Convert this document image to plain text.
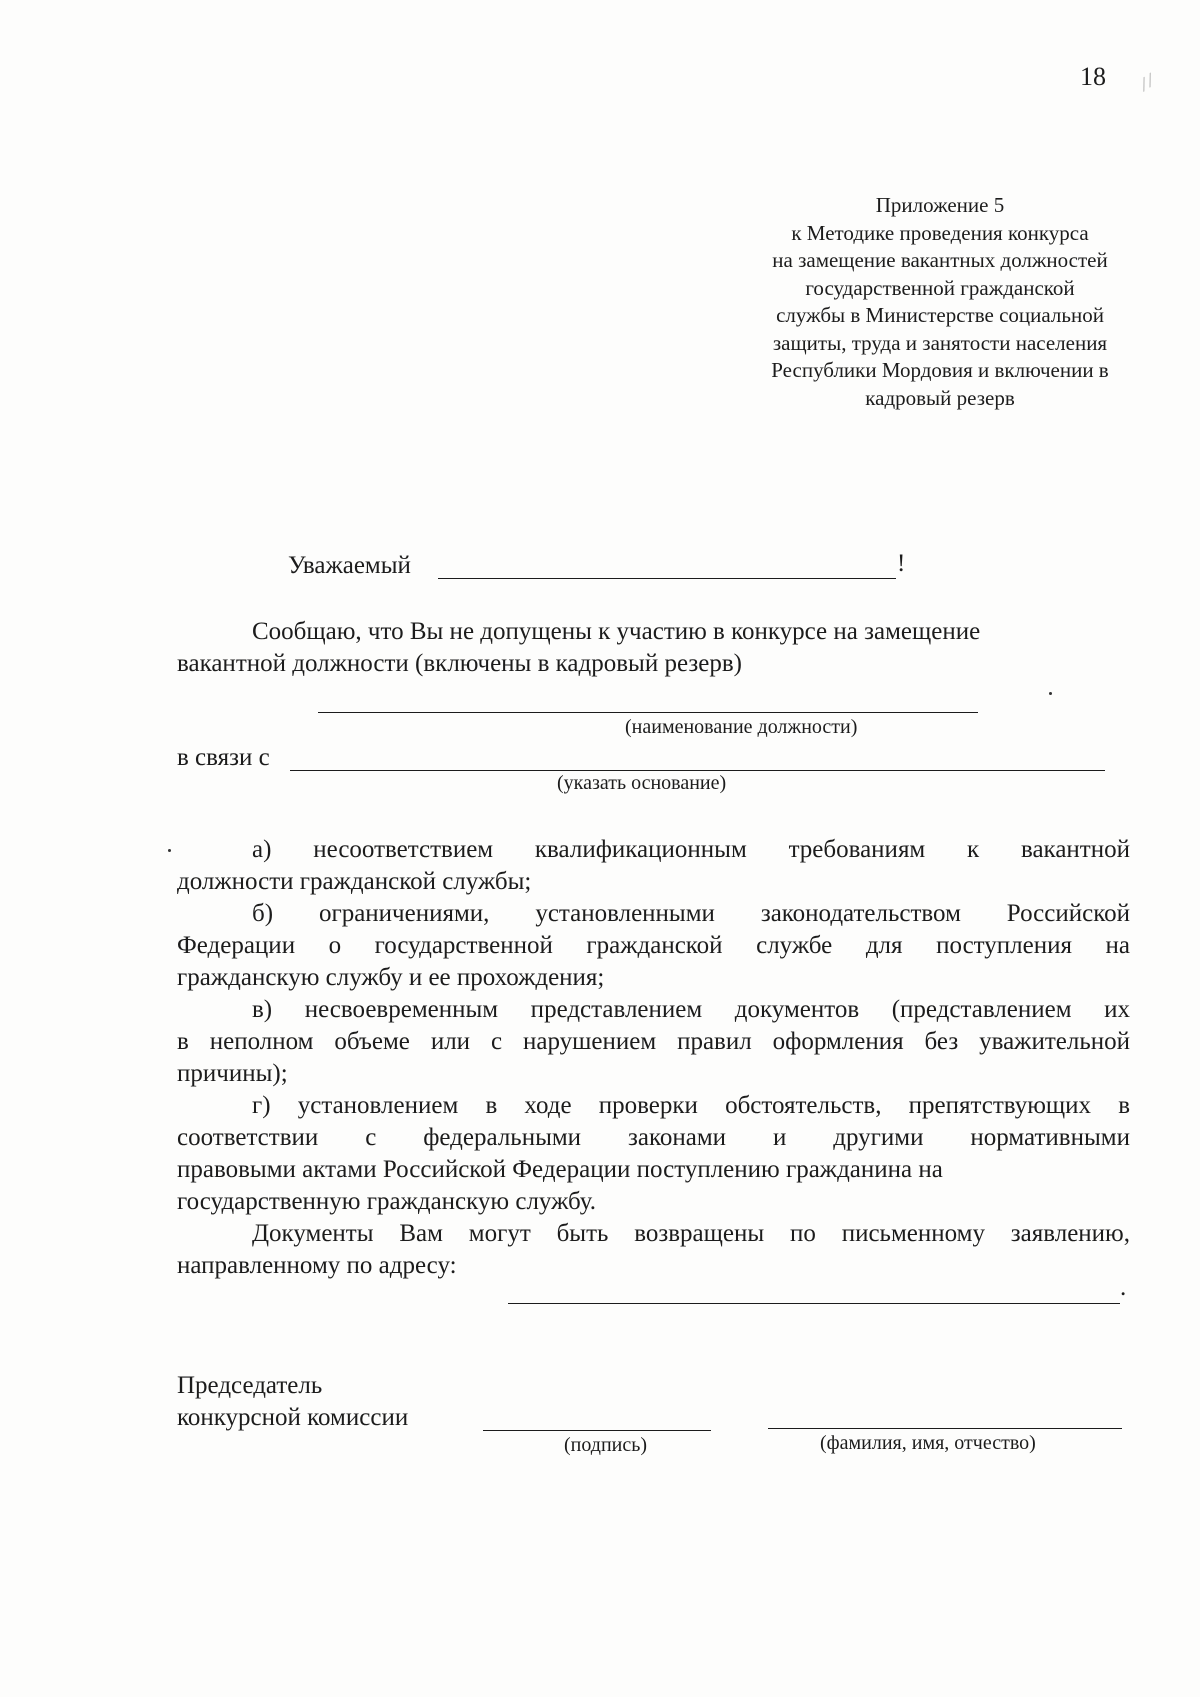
18 ⁄ ∕
Приложение 5
к Методике проведения конкурса
на замещение вакантных должностей
государственной гражданской
службы в Министерстве социальной
защиты, труда и занятости населения
Республики Мордовия и включении в
кадровый резерв
Уважаемый	!
Сообщаю, что Вы не допущены к участию в конкурсе на замещение
вакантной должности (включены в кадровый резерв)
(наименование должности)
в связи с
(указать основание)
а) несоответствием квалификационным требованиям к вакантной
должности гражданской службы;
б) ограничениями, установленными законодательством Российской
Федерации о государственной гражданской службе для поступления на
гражданскую службу и ее прохождения;
в) несвоевременным представлением документов (представлением их
в неполном объеме или с нарушением правил оформления без уважительной
причины);
г) установлением в ходе проверки обстоятельств, препятствующих в
соответствии с федеральными законами и другими нормативными
правовыми актами Российской Федерации поступлению гражданина на
государственную гражданскую службу.
Документы Вам могут быть возвращены по письменному заявлению,
направленному по адресу:
.
Председатель
конкурсной комиссии
(подпись)	(фамилия, имя, отчество)
